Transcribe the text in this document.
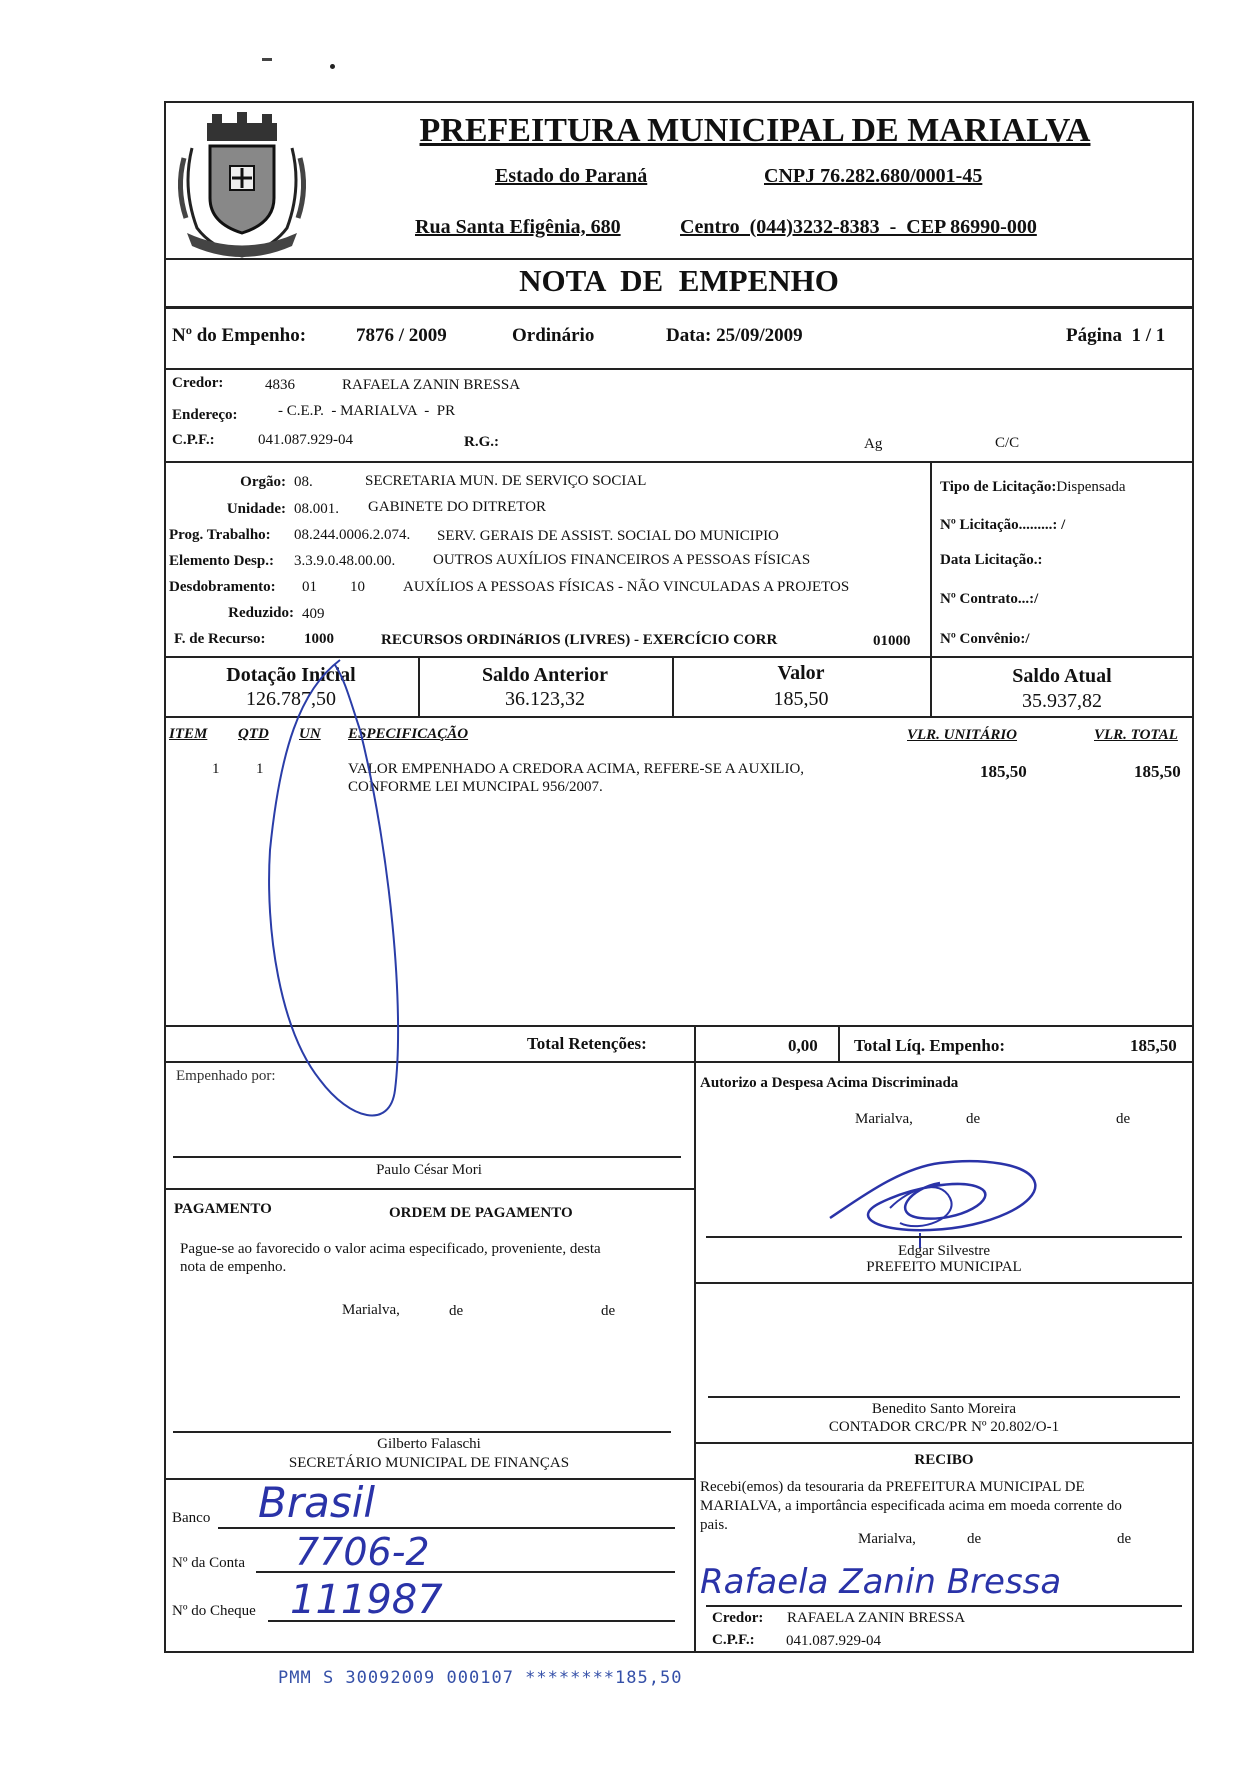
PREFEITURA MUNICIPAL DE MARIALVA
Estado do Paraná	CNPJ 76.282.680/0001-45
Rua Santa Efigênia, 680	Centro  (044)3232-8383  -  CEP 86990-000
NOTA  DE  EMPENHO
Nº do Empenho:	7876 / 2009	Ordinário	Data: 25/09/2009	Página  1 / 1
Credor:	4836	RAFAELA ZANIN BRESSA
Endereço:	- C.E.P.  - MARIALVA  -  PR
C.P.F.:	041.087.929-04	R.G.:	Ag	C/C
Orgão: 08.	SECRETARIA MUN. DE SERVIÇO SOCIAL
Unidade: 08.001. GABINETE DO DITRETOR
Prog. Trabalho: 08.244.0006.2.074. SERV. GERAIS DE ASSIST. SOCIAL DO MUNICIPIO
Elemento Desp.: 3.3.9.0.48.00.00.	OUTROS AUXÍLIOS FINANCEIROS A PESSOAS FÍSICAS
Desdobramento: 01 10	AUXÍLIOS A PESSOAS FÍSICAS - NÃO VINCULADAS A PROJETOS
Reduzido: 409
F. de Recurso:	1000	RECURSOS ORDINáRIOS (LIVRES) - EXERCÍCIO CORR	01000
Tipo de Licitação:Dispensada
Nº Licitação.........: /
Data Licitação.:
Nº Contrato...:/
Nº Convênio:/
Dotação Inicial
126.787,50
Saldo Anterior
36.123,32
Valor
185,50
Saldo Atual
35.937,82
ITEM QTD UN ESPECIFICAÇÃO	VLR. UNITÁRIO	VLR. TOTAL
1 1	VALOR EMPENHADO A CREDORA ACIMA, REFERE-SE A AUXILIO,
CONFORME LEI MUNCIPAL 956/2007.
185,50	185,50
Total Retenções:	0,00 Total Líq. Empenho:	185,50
Empenhado por:
Paulo César Mori
PAGAMENTO	ORDEM DE PAGAMENTO
Pague-se ao favorecido o valor acima especificado, proveniente, desta
nota de empenho.
Marialva,	de	de
Gilberto Falaschi
SECRETÁRIO MUNICIPAL DE FINANÇAS
Banco Brasil
Nº da Conta 7706-2
Nº do Cheque 111987
Autorizo a Despesa Acima Discriminada
Marialva,	de	de
Edgar Silvestre
PREFEITO MUNICIPAL
Benedito Santo Moreira
CONTADOR CRC/PR Nº 20.802/O-1
RECIBO
Recebi(emos) da tesouraria da PREFEITURA MUNICIPAL DE
MARIALVA, a importância especificada acima em moeda corrente do
pais.
Marialva,	de	de
Rafaela Zanin Bressa
Credor: RAFAELA ZANIN BRESSA
C.P.F.: 041.087.929-04
PMM S 30092009 000107 ********185,50
